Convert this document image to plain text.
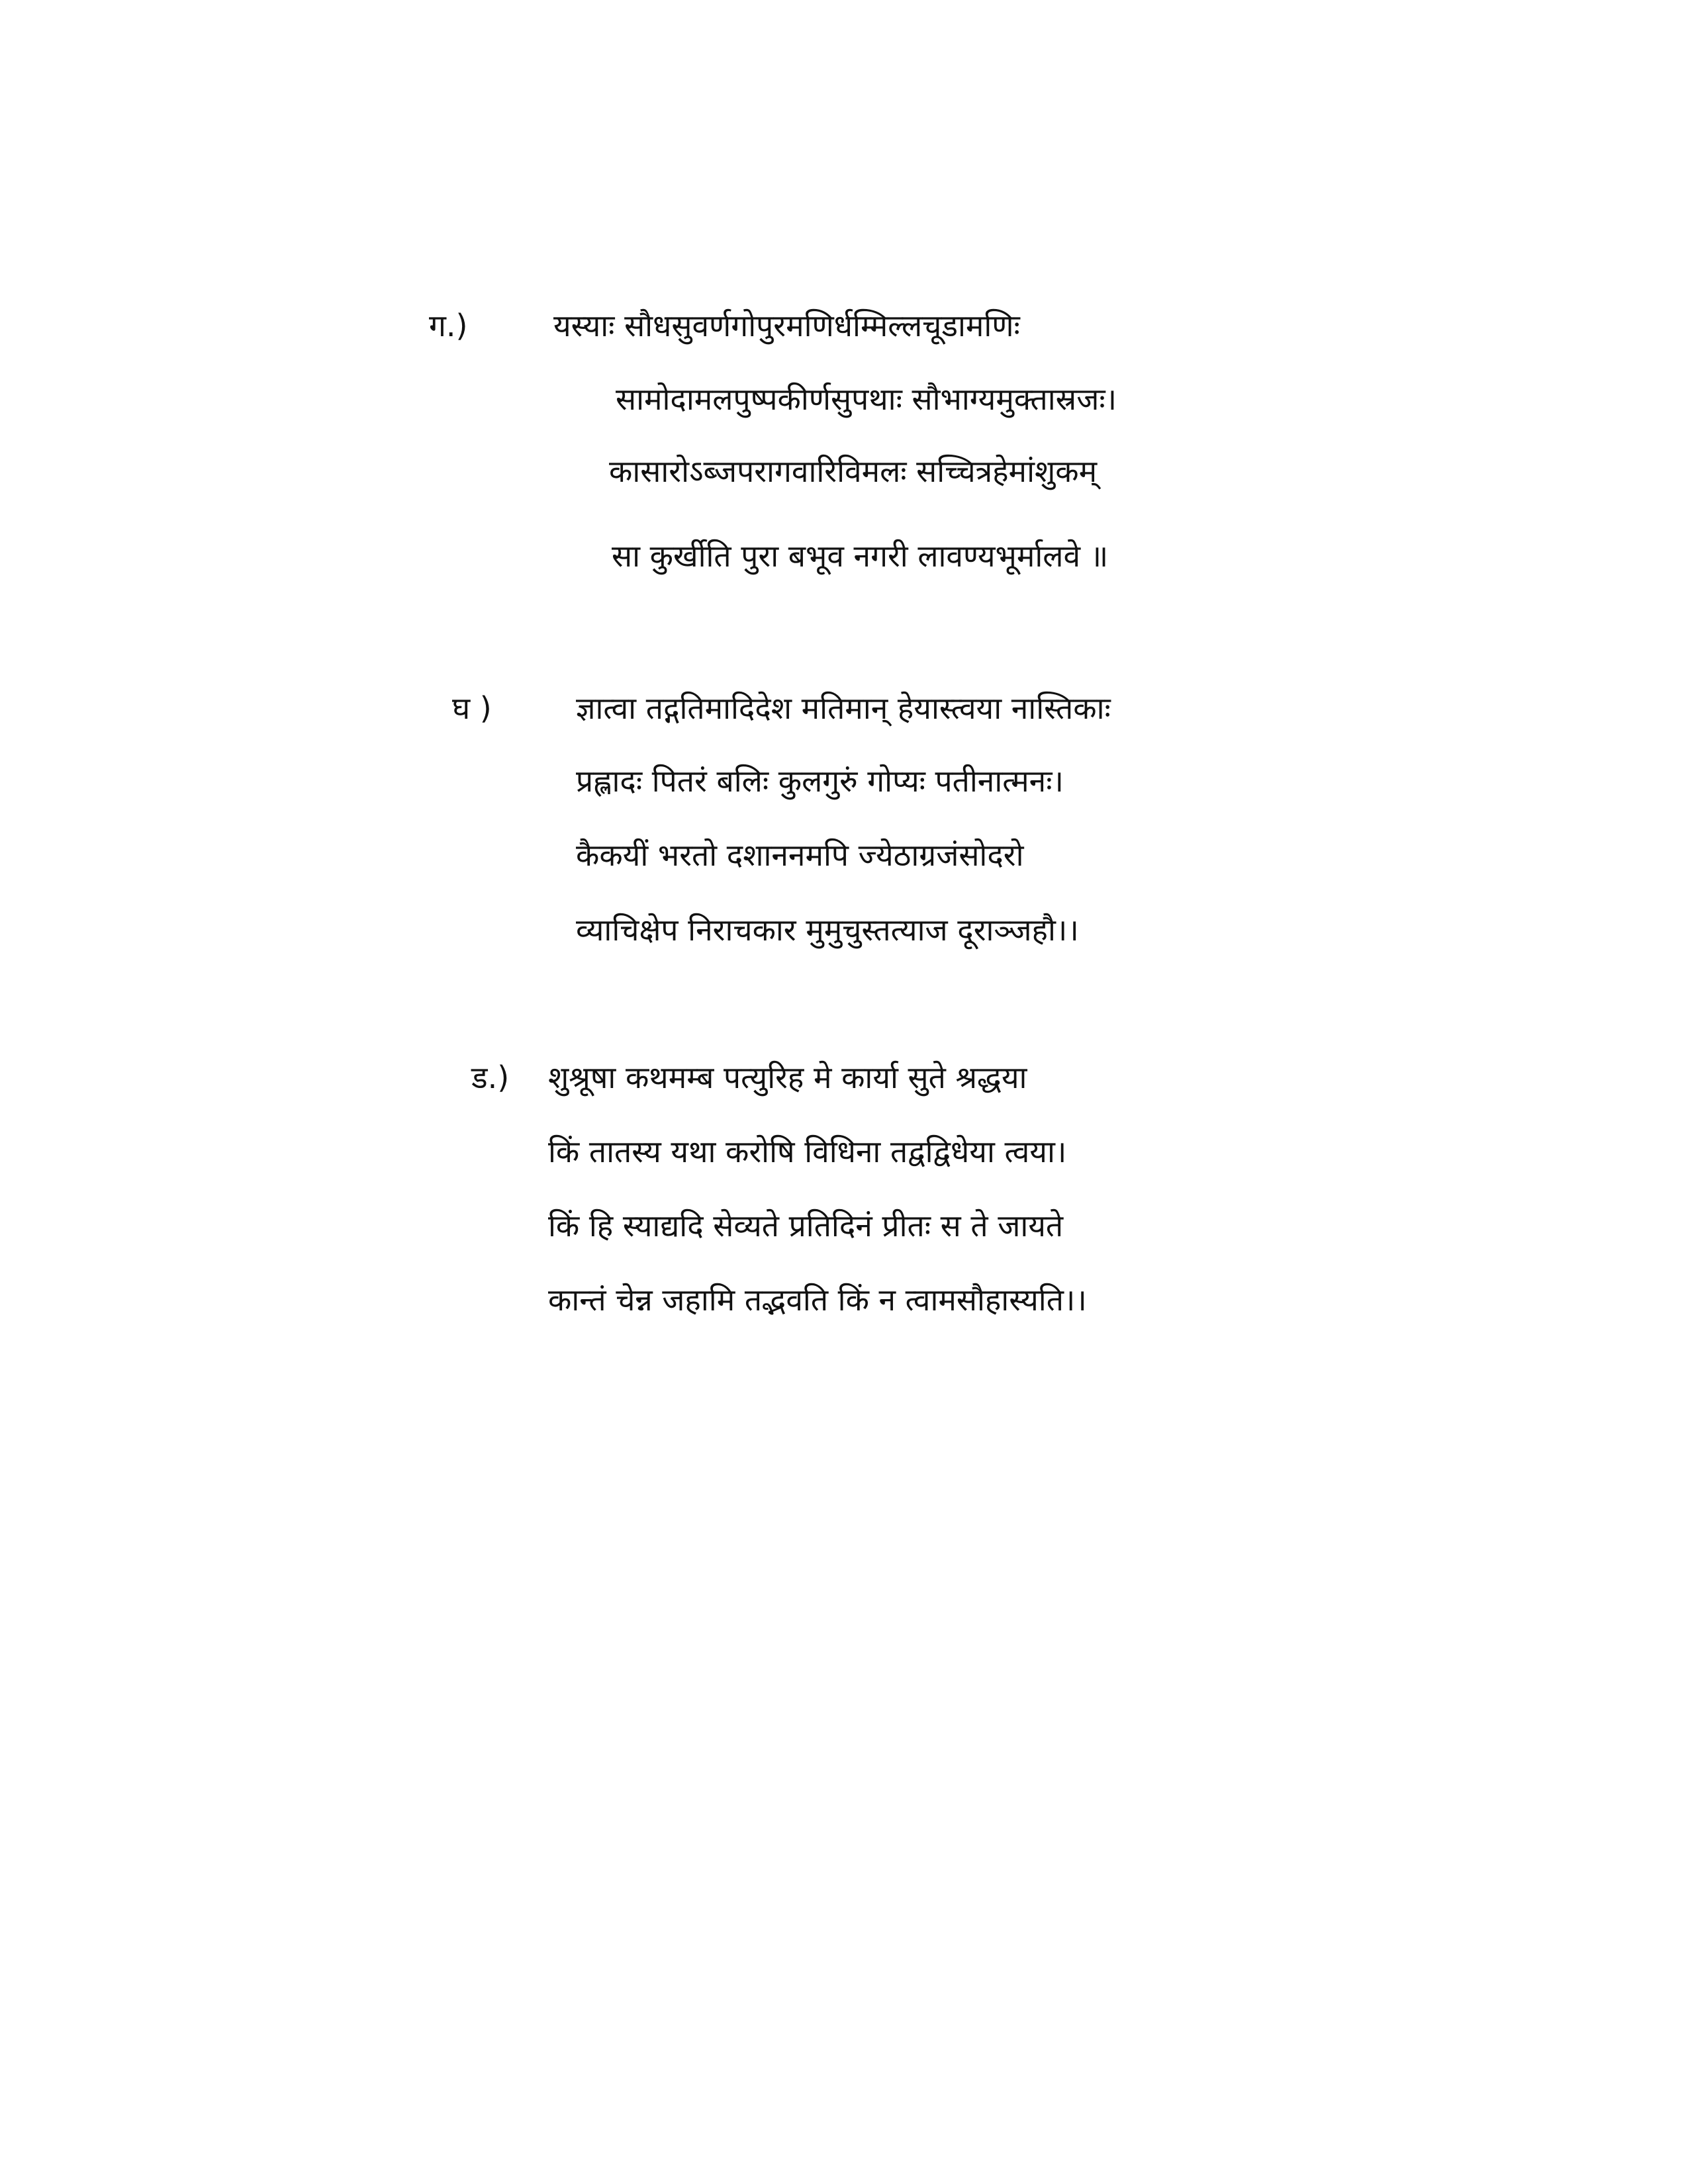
ग.)	यस्याः सौधसुवर्णगोपुरमणिर्धम्मिल्लचूडामणिः
सामोदामलपुष्पकीर्णसुपथाः सौभाग्यमुक्तास्रजः।
कासारोऽब्जपरागवारिविमलः सच्चित्रहेमांशुकम्
सा कुर्खीति पुरा बभूव नगरी लावण्यभूर्मालवे ॥
घ )	ज्ञात्वा तद्गतिमादिदेश मतिमान् हेयास्त्वया नास्तिकाः
प्रह्लादः पितरं बलिः कुलगुरुं गोप्यः पतीनात्मनः।
कैकयीं भरतो दशाननमपि ज्येठाग्रजंसोदरो
व्याचिक्षेप निराचकार मुमुचुस्तत्याज दूराञ्जहौ।।
ड.) शुश्रूषा कथमम्ब पत्युरिह मे कार्या सुते श्रद्धया
किं तातस्य यथा करोषि विधिना तद्वद्विधेया त्वया।
किं हि स्याद्यदि सेव्यते प्रतिदिनं प्रीतः स ते जायते
कान्तं चेन्न जहामि तद्भवति किं न त्वामसौहास्यति।।
